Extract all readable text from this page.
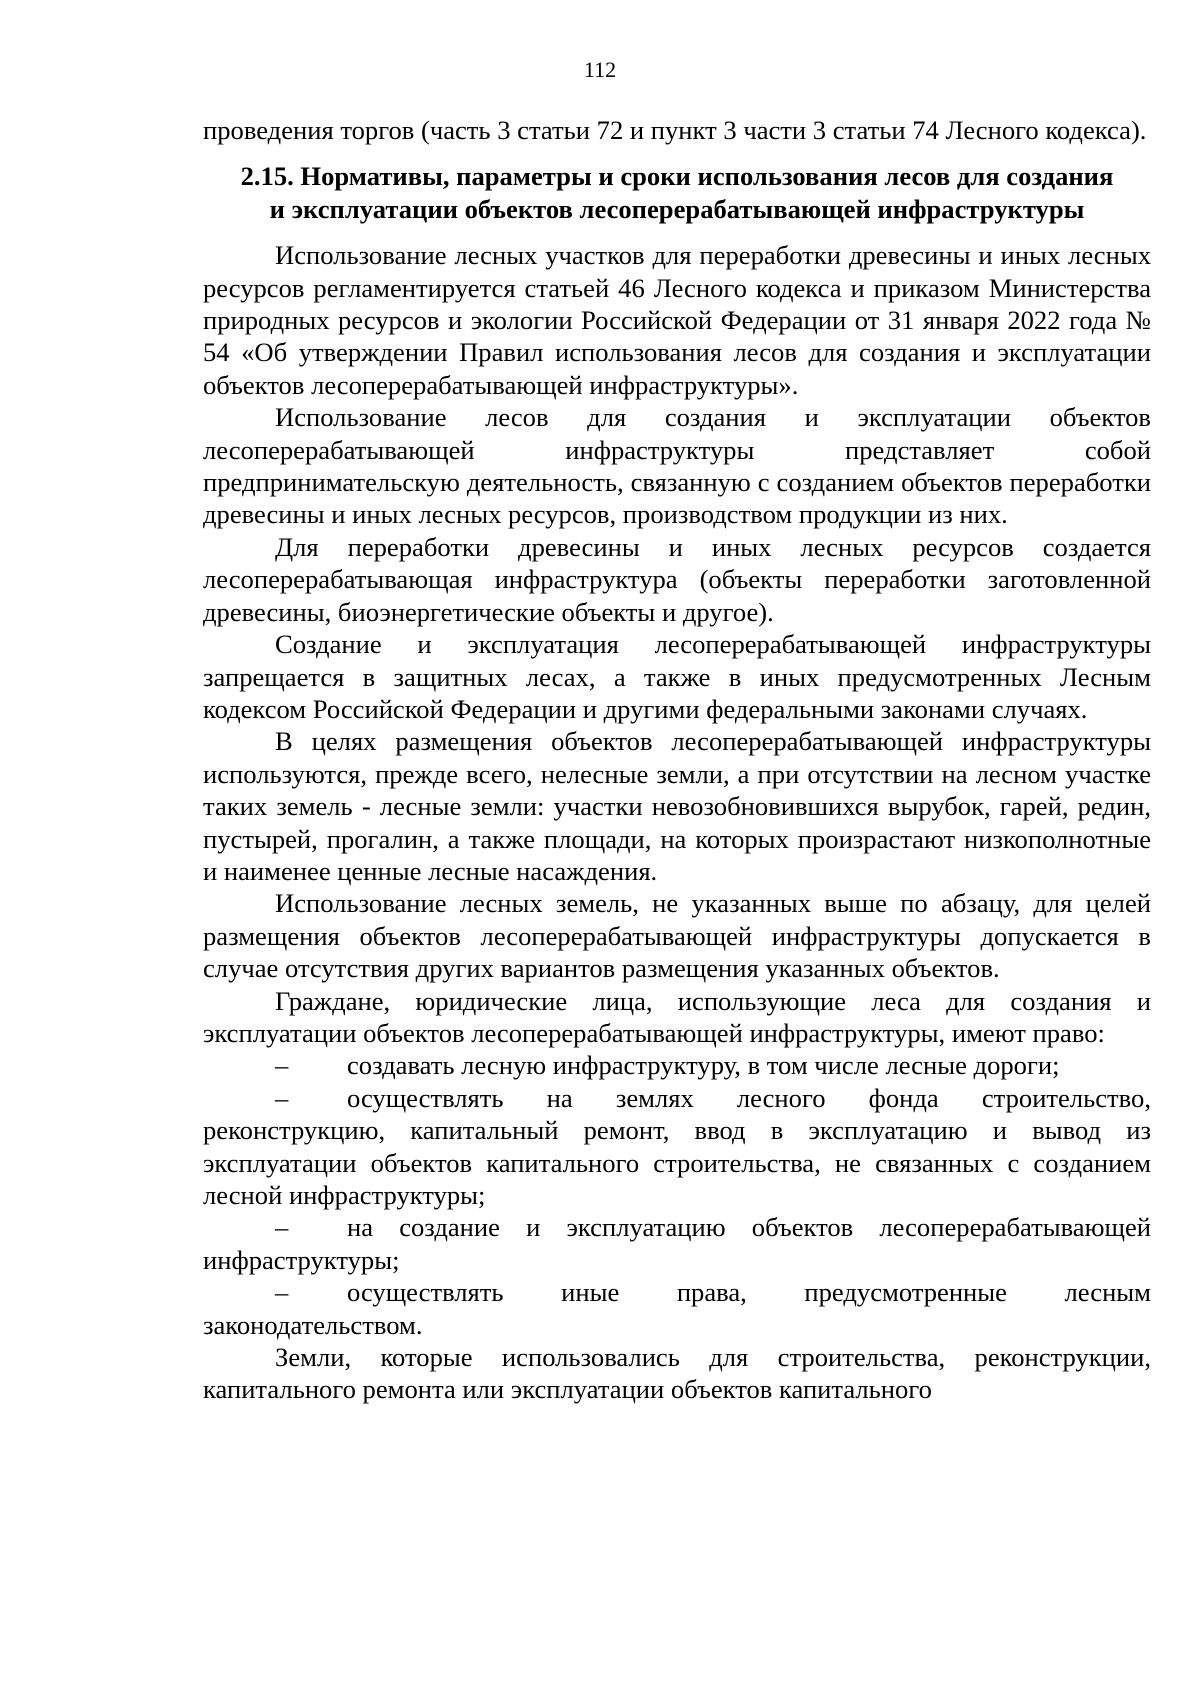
112

проведения торгов (часть 3 статьи 72 и пункт 3 части 3 статьи 74 Лесного кодекса).

2.15. Нормативы, параметры и сроки использования лесов для создания
и эксплуатации объектов лесоперерабатывающей инфраструктуры

Использование лесных участков для переработки древесины и иных лесных ресурсов регламентируется статьей 46 Лесного кодекса и приказом Министерства природных ресурсов и экологии Российской Федерации от 31 января 2022 года № 54 «Об утверждении Правил использования лесов для создания и эксплуатации объектов лесоперерабатывающей инфраструктуры».

Использование лесов для создания и эксплуатации объектов лесоперерабатывающей инфраструктуры представляет собой предпринимательскую деятельность, связанную с созданием объектов переработки древесины и иных лесных ресурсов, производством продукции из них.

Для переработки древесины и иных лесных ресурсов создается лесоперерабатывающая инфраструктура (объекты переработки заготовленной древесины, биоэнергетические объекты и другое).

Создание и эксплуатация лесоперерабатывающей инфраструктуры запрещается в защитных лесах, а также в иных предусмотренных Лесным кодексом Российской Федерации и другими федеральными законами случаях.

В целях размещения объектов лесоперерабатывающей инфраструктуры используются, прежде всего, нелесные земли, а при отсутствии на лесном участке таких земель - лесные земли: участки невозобновившихся вырубок, гарей, редин, пустырей, прогалин, а также площади, на которых произрастают низкополнотные и наименее ценные лесные насаждения.

Использование лесных земель, не указанных выше по абзацу, для целей размещения объектов лесоперерабатывающей инфраструктуры допускается в случае отсутствия других вариантов размещения указанных объектов.

Граждане, юридические лица, использующие леса для создания и эксплуатации объектов лесоперерабатывающей инфраструктуры, имеют право:

– создавать лесную инфраструктуру, в том числе лесные дороги;

– осуществлять на землях лесного фонда строительство, реконструкцию, капитальный ремонт, ввод в эксплуатацию и вывод из эксплуатации объектов капитального строительства, не связанных с созданием лесной инфраструктуры;

– на создание и эксплуатацию объектов лесоперерабатывающей инфраструктуры;

– осуществлять иные права, предусмотренные лесным законодательством.

Земли, которые использовались для строительства, реконструкции, капитального ремонта или эксплуатации объектов капитального
